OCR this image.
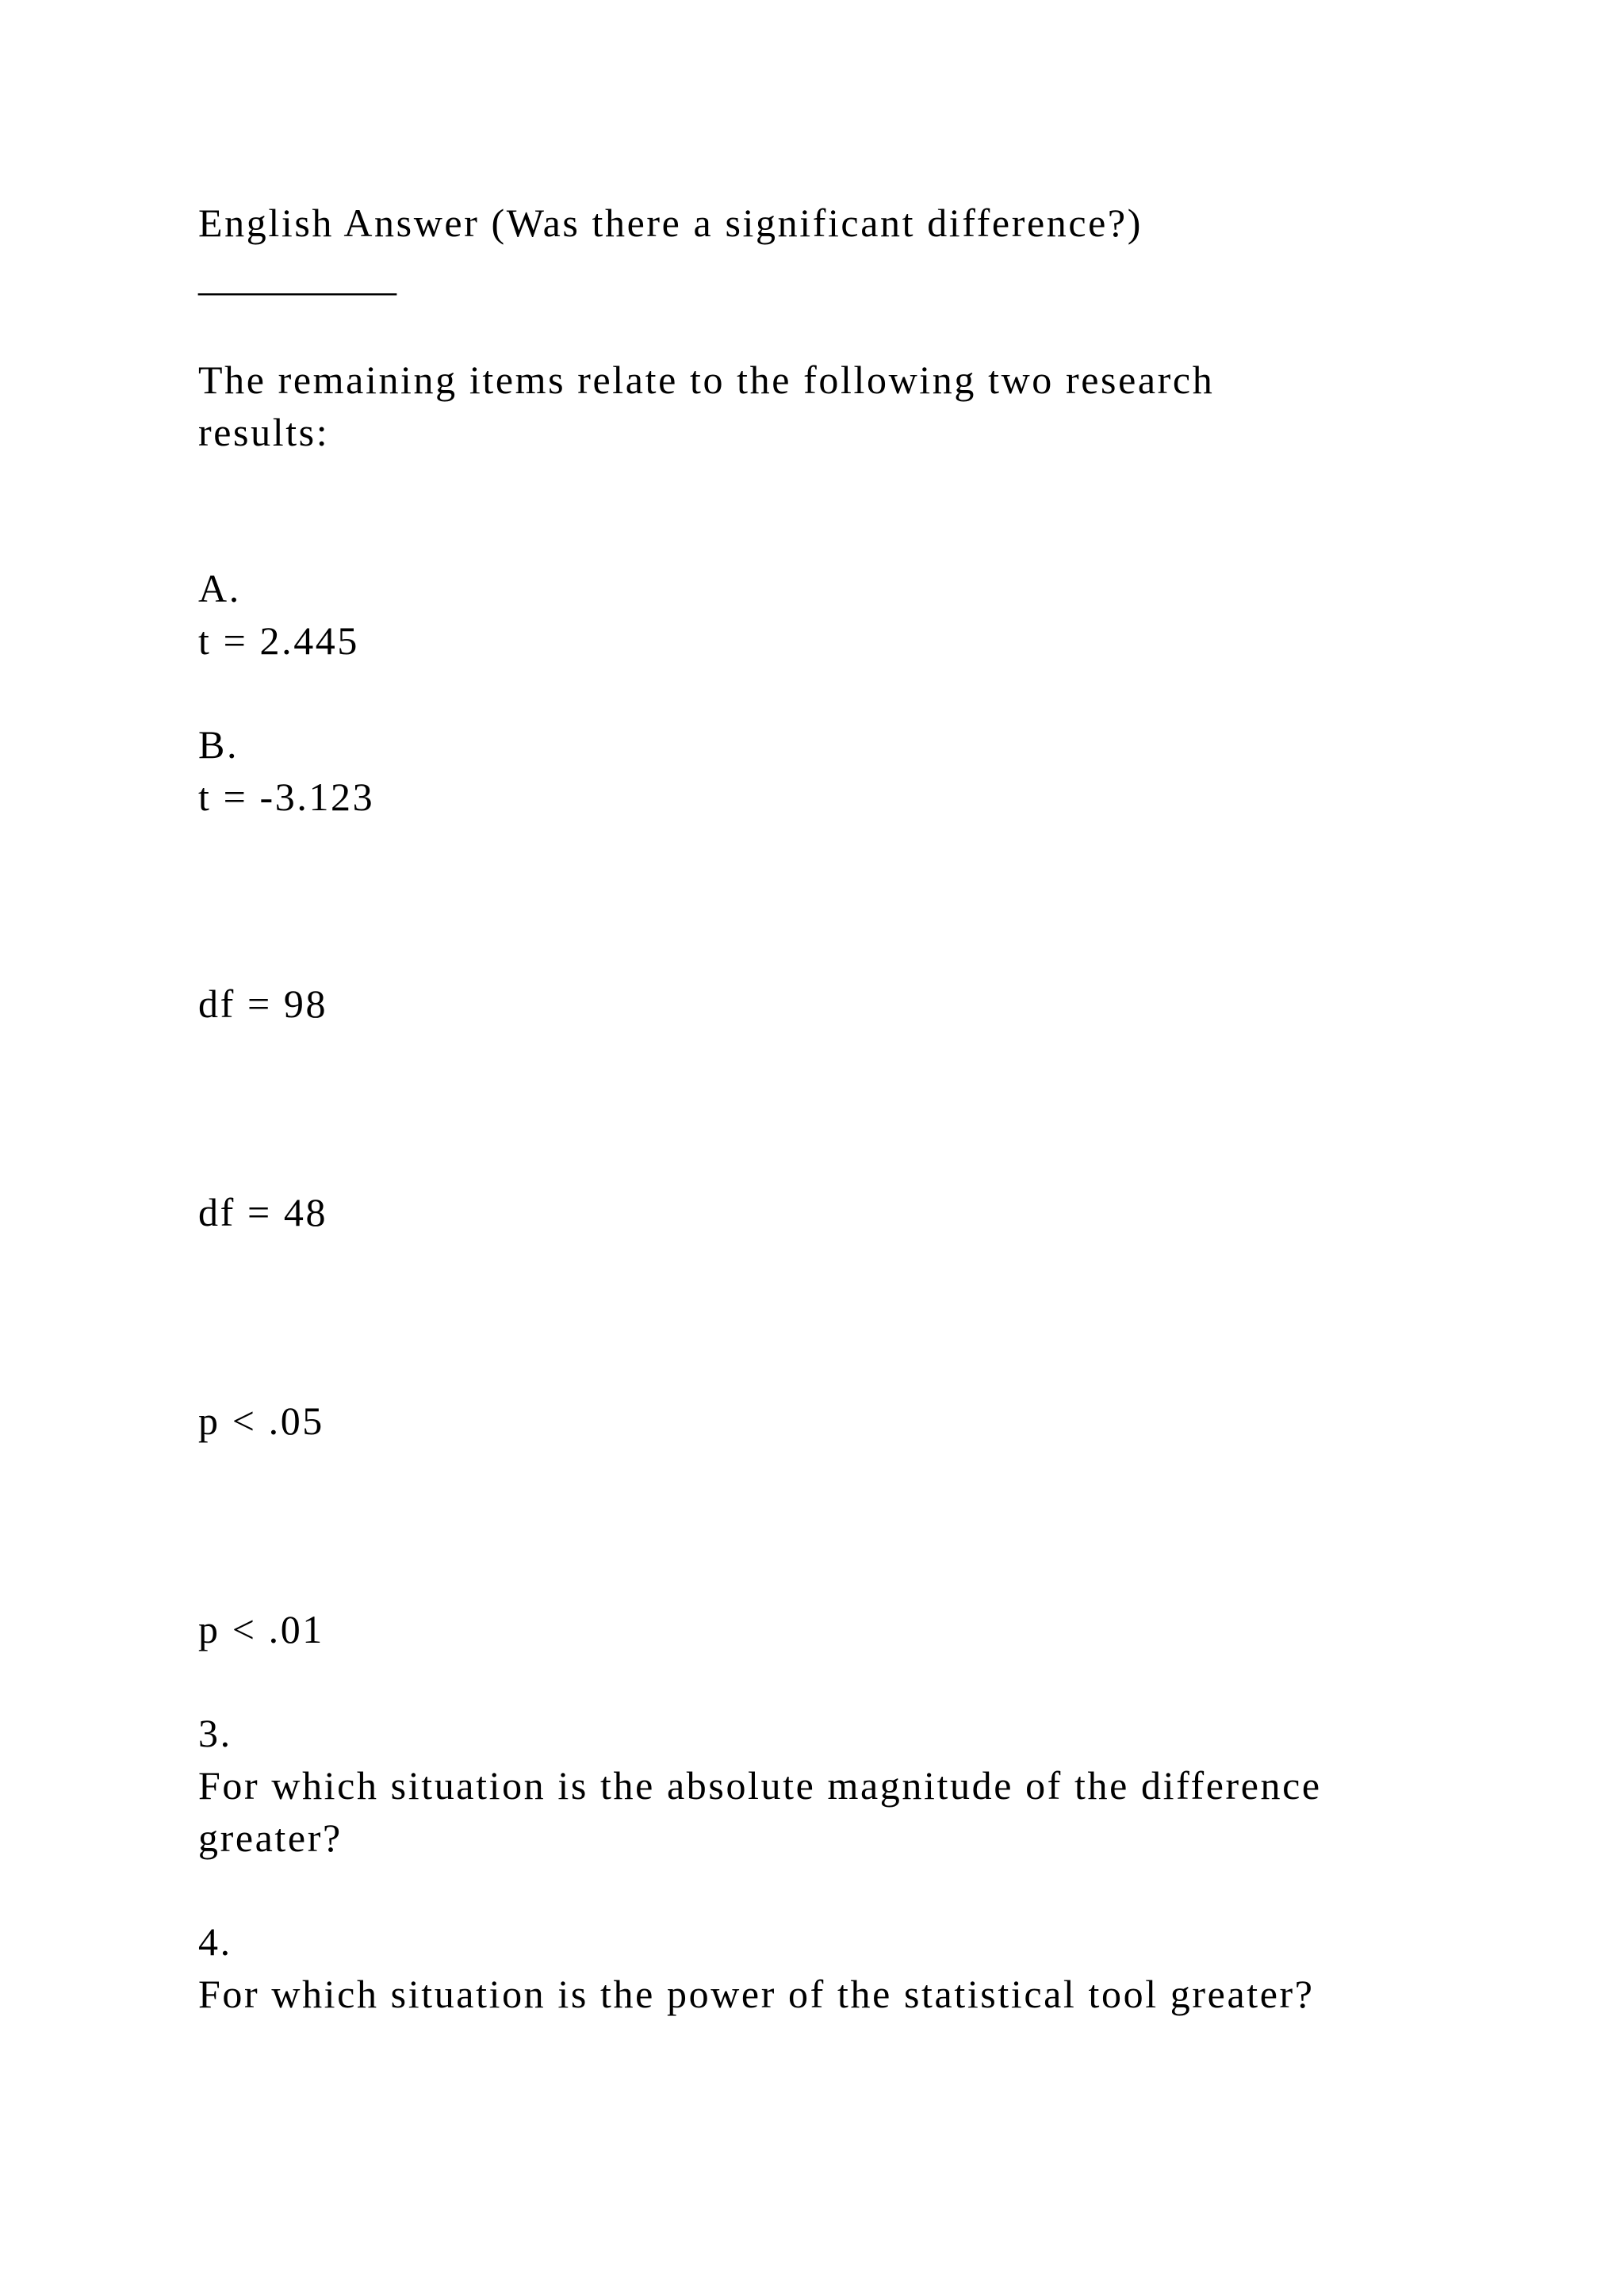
English Answer (Was there a significant difference?)
__________
The remaining items relate to the following two research
results:
A.
t = 2.445
B.
t = -3.123
df = 98
df = 48
p < .05
p < .01
3.
For which situation is the absolute magnitude of the difference
greater?
4.
For which situation is the power of the statistical tool greater?
